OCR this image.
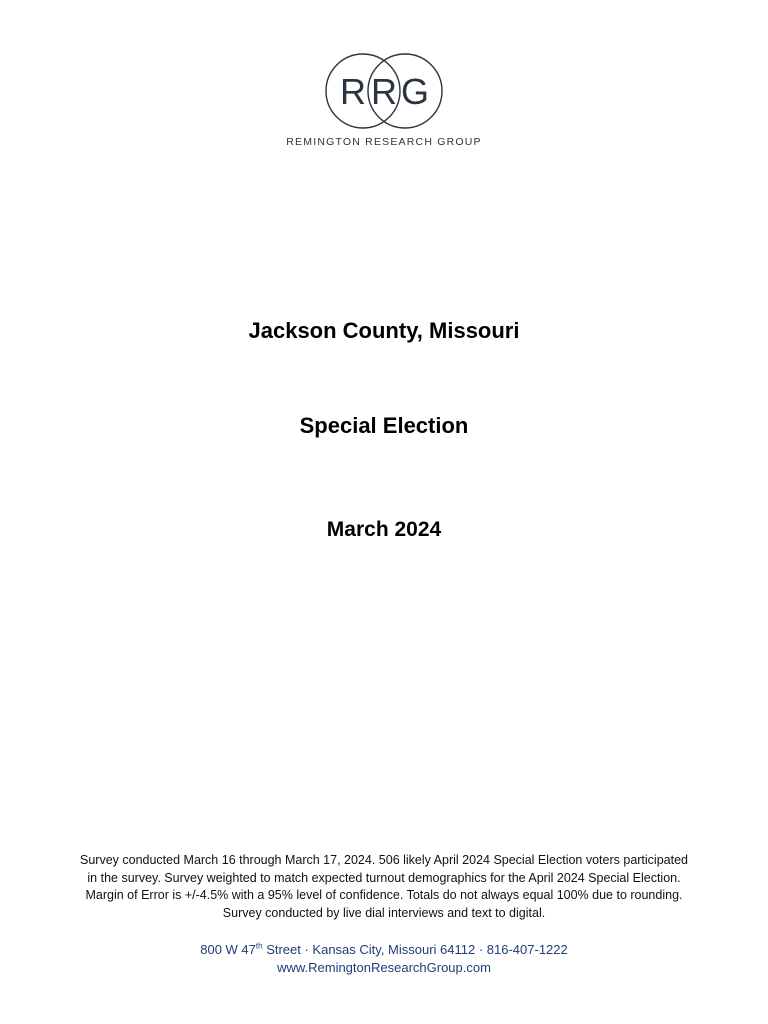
R R G
REMINGTON RESEARCH GROUP
Jackson County, Missouri
Special Election
March 2024
Survey conducted March 16 through March 17, 2024. 506 likely April 2024 Special Election voters participated in the survey. Survey weighted to match expected turnout demographics for the April 2024 Special Election. Margin of Error is +/-4.5% with a 95% level of confidence. Totals do not always equal 100% due to rounding. Survey conducted by live dial interviews and text to digital.
800 W 47th Street · Kansas City, Missouri 64112 · 816-407-1222
www.RemingtonResearchGroup.com
